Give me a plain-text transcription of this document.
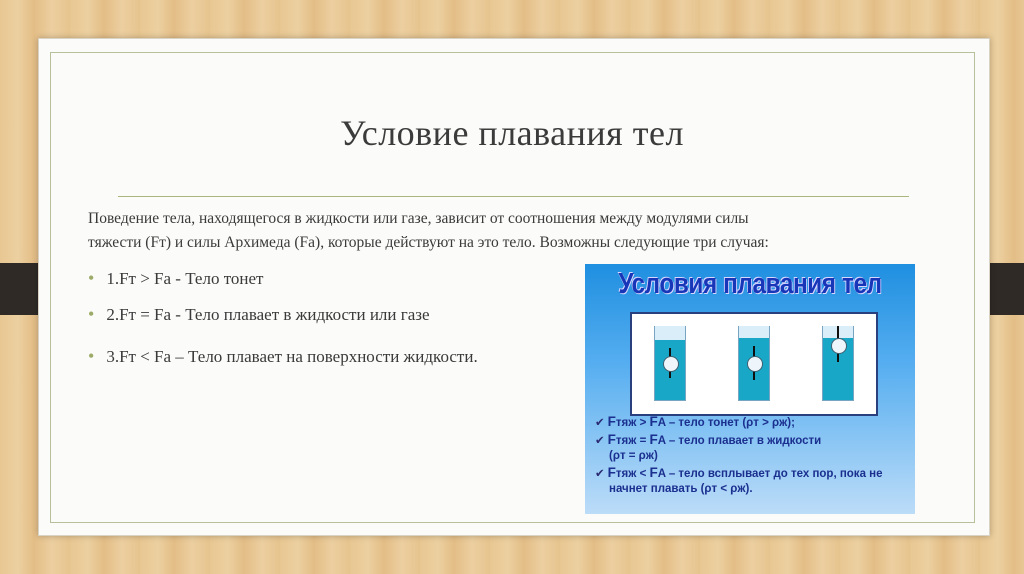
Условие плавания тел
Поведение тела, находящегося в жидкости или газе, зависит от соотношения между модулями силы
тяжести (Fт) и силы Архимеда (Fa), которые действуют на это тело. Возможны следующие три случая:
• 1.Fт > Fa - Тело тонет
• 2.Fт = Fa - Тело плавает в жидкости или газе
• 3.Fт < Fa – Тело плавает на поверхности жидкости.
Условия плавания тел
✔ Fтяж > FA – тело тонет (ρт > ρж);
✔ Fтяж = FA – тело плавает в жидкости
(ρт = ρж)
✔ Fтяж < FA – тело всплывает до тех пор, пока не
начнет плавать (ρт < ρж).
